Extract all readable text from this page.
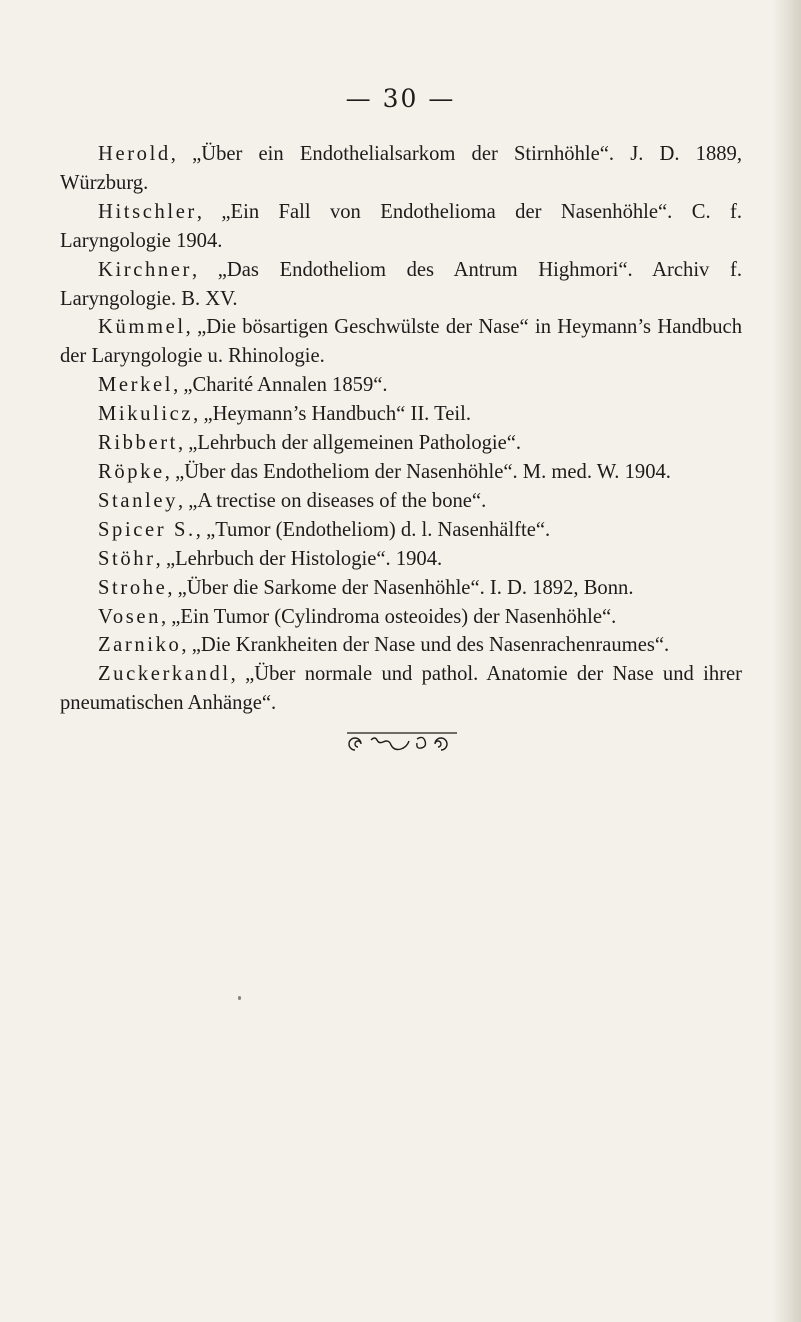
— 30 —

Herold, „Über ein Endothelialsarkom der Stirnhöhle“. J. D. 1889, Würzburg.

Hitschler, „Ein Fall von Endothelioma der Nasenhöhle“. C. f. Laryngologie 1904.

Kirchner, „Das Endotheliom des Antrum Highmori“. Archiv f. Laryngologie. B. XV.

Kümmel, „Die bösartigen Geschwülste der Nase“ in Heymann’s Handbuch der Laryngologie u. Rhinologie.

Merkel, „Charité Annalen 1859“.

Mikulicz, „Heymann’s Handbuch“ II. Teil.

Ribbert, „Lehrbuch der allgemeinen Pathologie“.

Röpke, „Über das Endotheliom der Nasenhöhle“. M. med. W. 1904.

Stanley, „A trectise on diseases of the bone“.

Spicer S., „Tumor (Endotheliom) d. l. Nasenhälfte“.

Stöhr, „Lehrbuch der Histologie“. 1904.

Strohe, „Über die Sarkome der Nasenhöhle“. I. D. 1892, Bonn.

Vosen, „Ein Tumor (Cylindroma osteoides) der Nasenhöhle“.

Zarniko, „Die Krankheiten der Nase und des Nasenrachenraumes“.

Zuckerkandl, „Über normale und pathol. Anatomie der Nase und ihrer pneumatischen Anhänge“.
